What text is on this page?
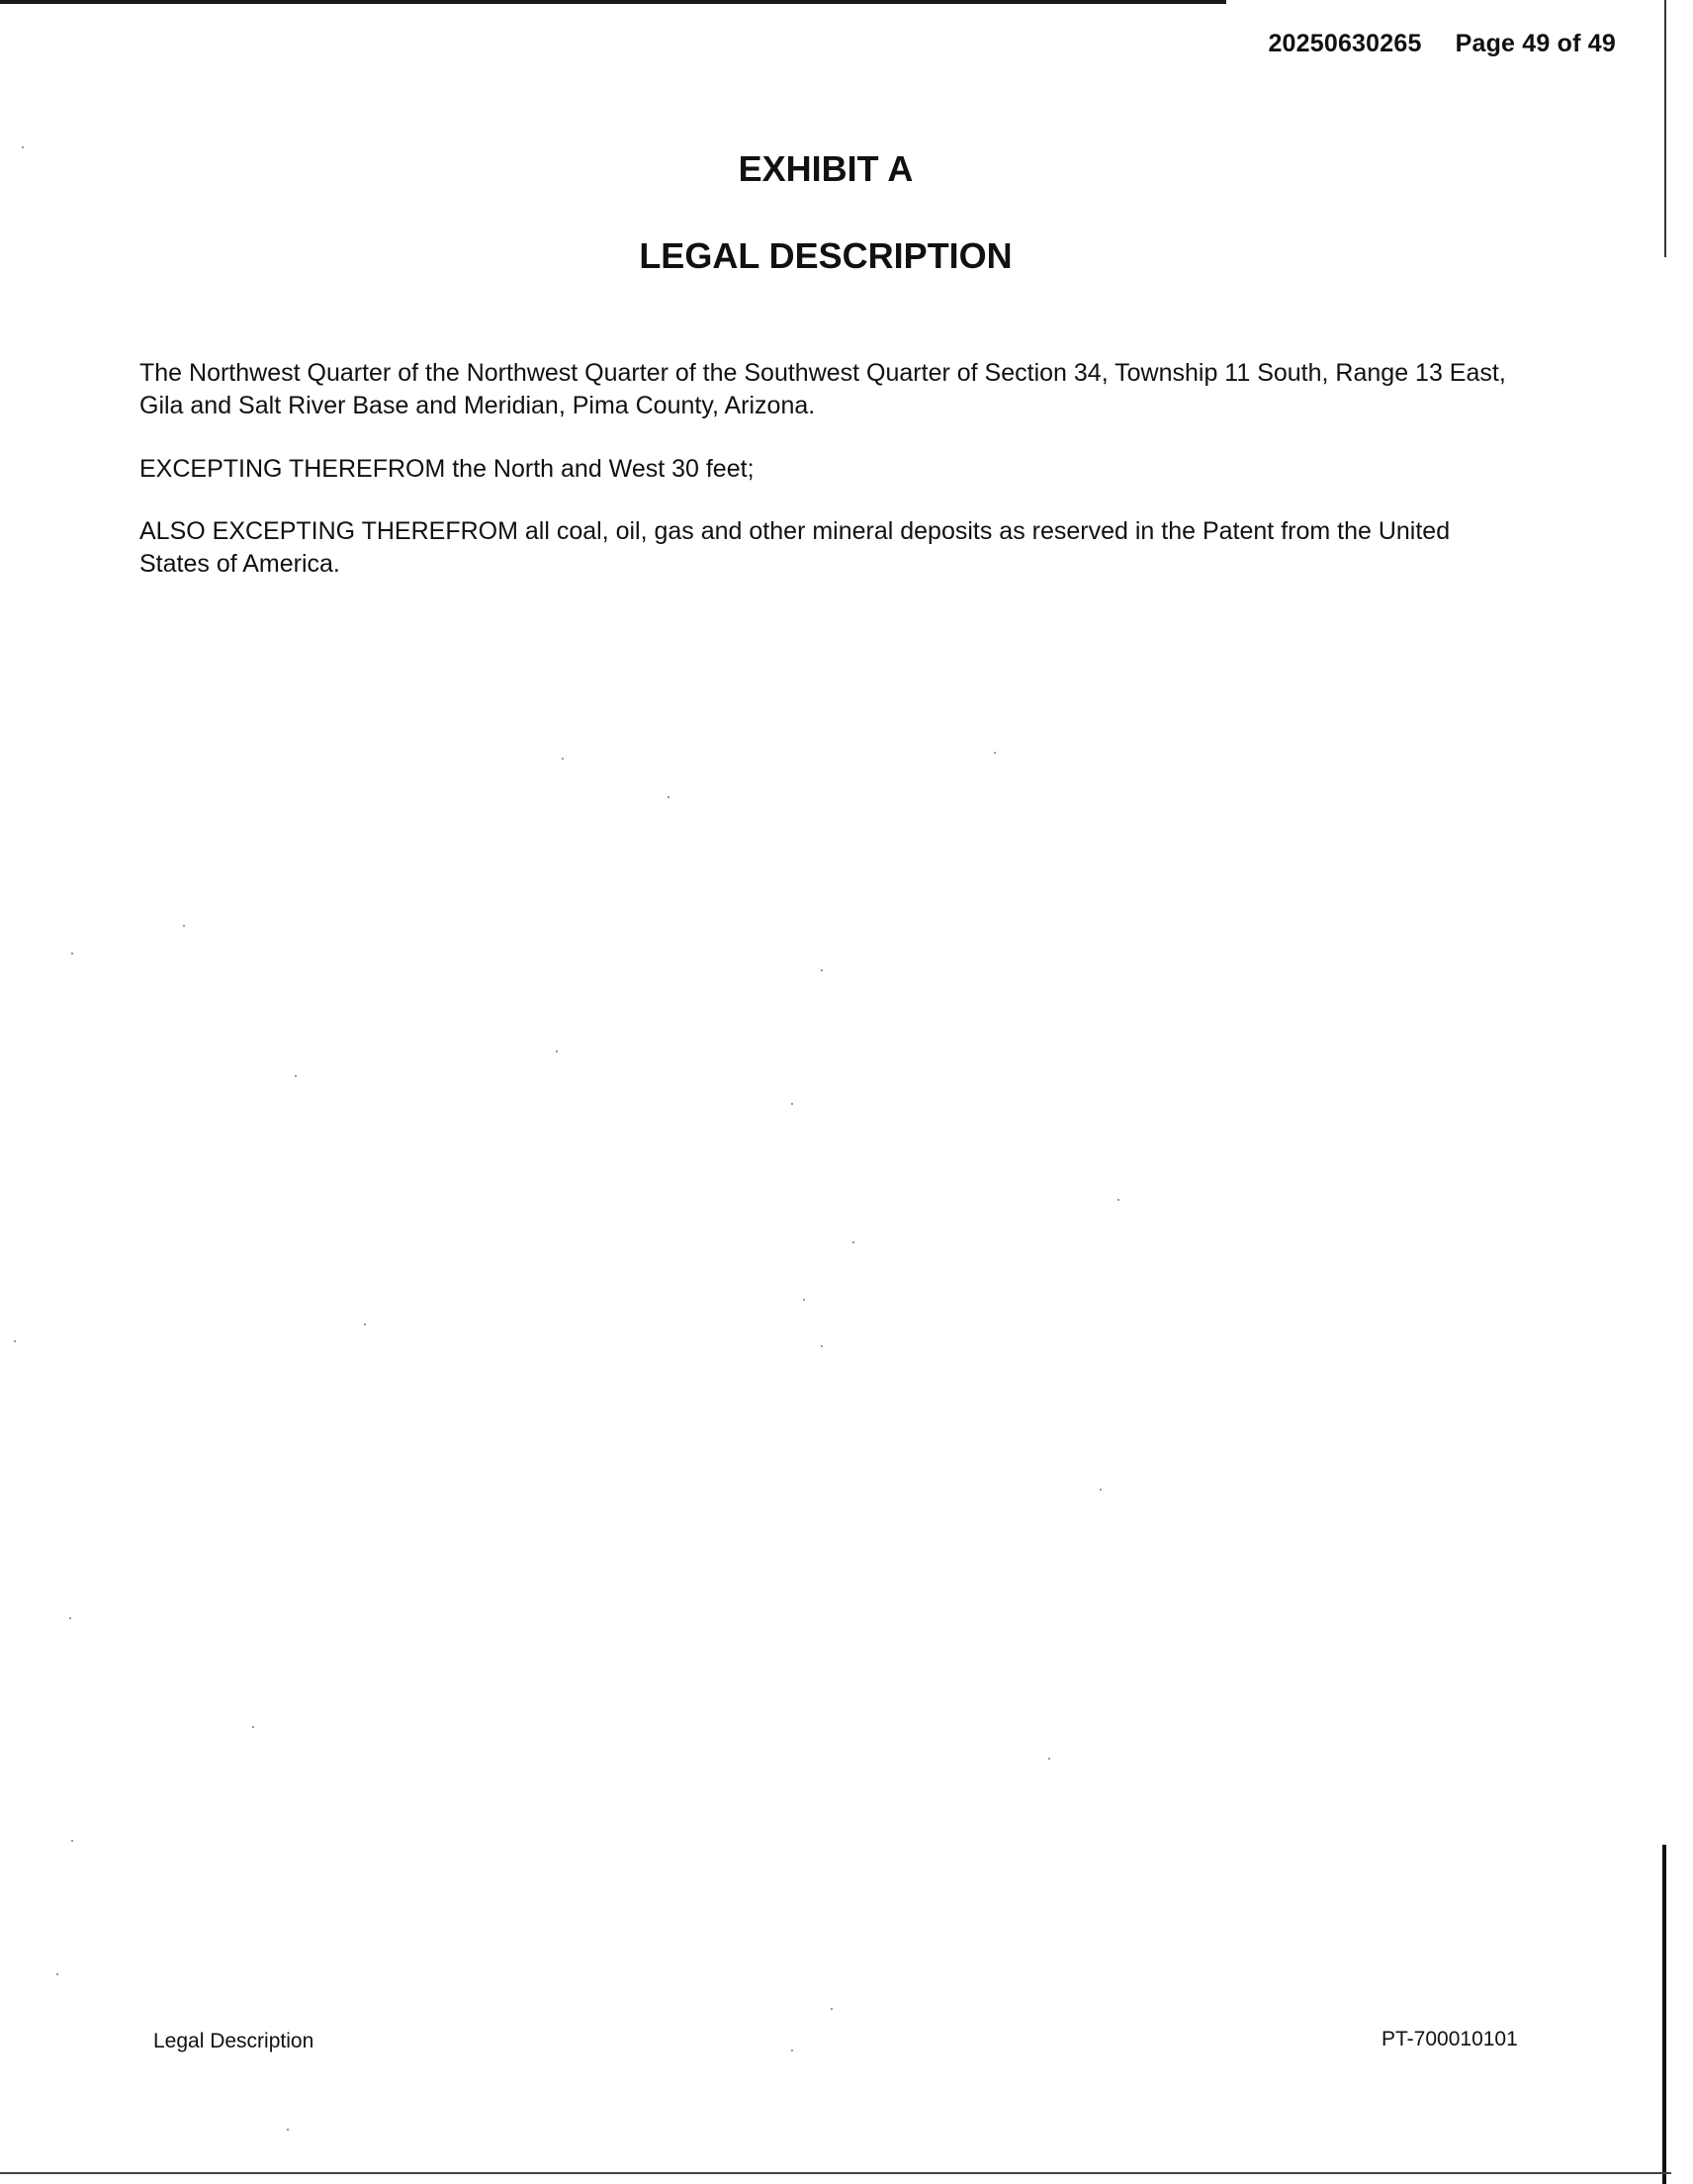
20250630265 Page 49 of 49
EXHIBIT A
LEGAL DESCRIPTION

The Northwest Quarter of the Northwest Quarter of the Southwest Quarter of Section 34, Township 11 South, Range 13 East, Gila and Salt River Base and Meridian, Pima County, Arizona.

EXCEPTING THEREFROM the North and West 30 feet;

ALSO EXCEPTING THEREFROM all coal, oil, gas and other mineral deposits as reserved in the Patent from the United States of America.

Legal Description	PT-700010101
